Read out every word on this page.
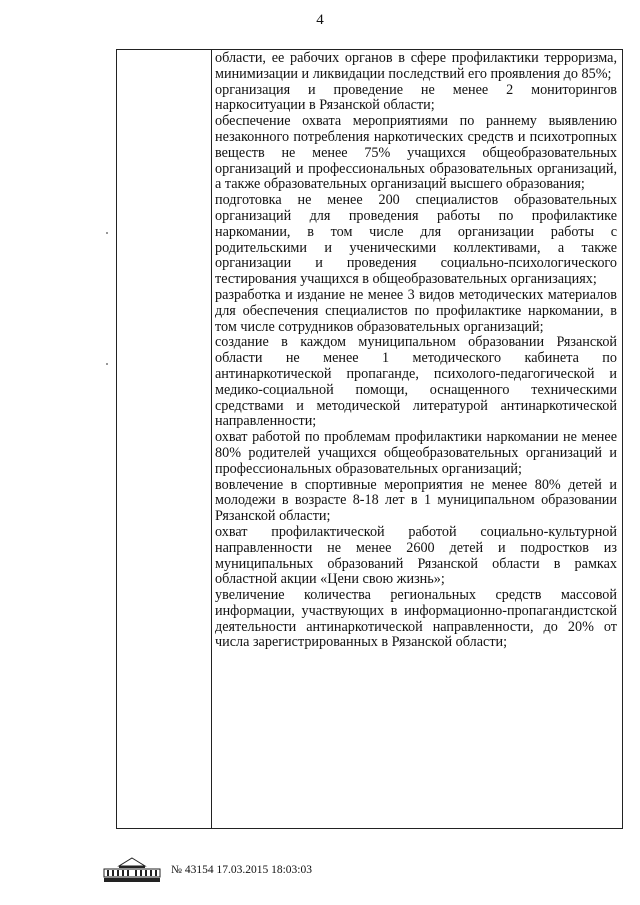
4

области, ее рабочих органов в сфере профилактики терроризма, минимизации и ликвидации последствий его проявления до 85%;

организация и проведение не менее 2 мониторингов наркоситуации в Рязанской области;

обеспечение охвата мероприятиями по раннему выявлению незаконного потребления наркотических средств и психотропных веществ не менее 75% учащихся общеобразовательных организаций и профессиональных образовательных организаций, а также образовательных организаций высшего образования;

подготовка не менее 200 специалистов образовательных организаций для проведения работы по профилактике наркомании, в том числе для организации работы с родительскими и ученическими коллективами, а также организации и проведения социально-психологического тестирования учащихся в общеобразовательных организациях;

разработка и издание не менее 3 видов методических материалов для обеспечения специалистов по профилактике наркомании, в том числе сотрудников образовательных организаций;

создание в каждом муниципальном образовании Рязанской области не менее 1 методического кабинета по антинаркотической пропаганде, психолого-педагогической и медико-социальной помощи, оснащенного техническими средствами и методической литературой антинаркотической направленности;

охват работой по проблемам профилактики наркомании не менее 80% родителей учащихся общеобразовательных организаций и профессиональных образовательных организаций;

вовлечение в спортивные мероприятия не менее 80% детей и молодежи в возрасте 8-18 лет в 1 муниципальном образовании Рязанской области;

охват профилактической работой социально-культурной направленности не менее 2600 детей и подростков из муниципальных образований Рязанской области в рамках областной акции «Цени свою жизнь»;

увеличение количества региональных средств массовой информации, участвующих в информационно-пропагандистской деятельности антинаркотической направленности, до 20% от числа зарегистрированных в Рязанской области;

№ 43154 17.03.2015 18:03:03
